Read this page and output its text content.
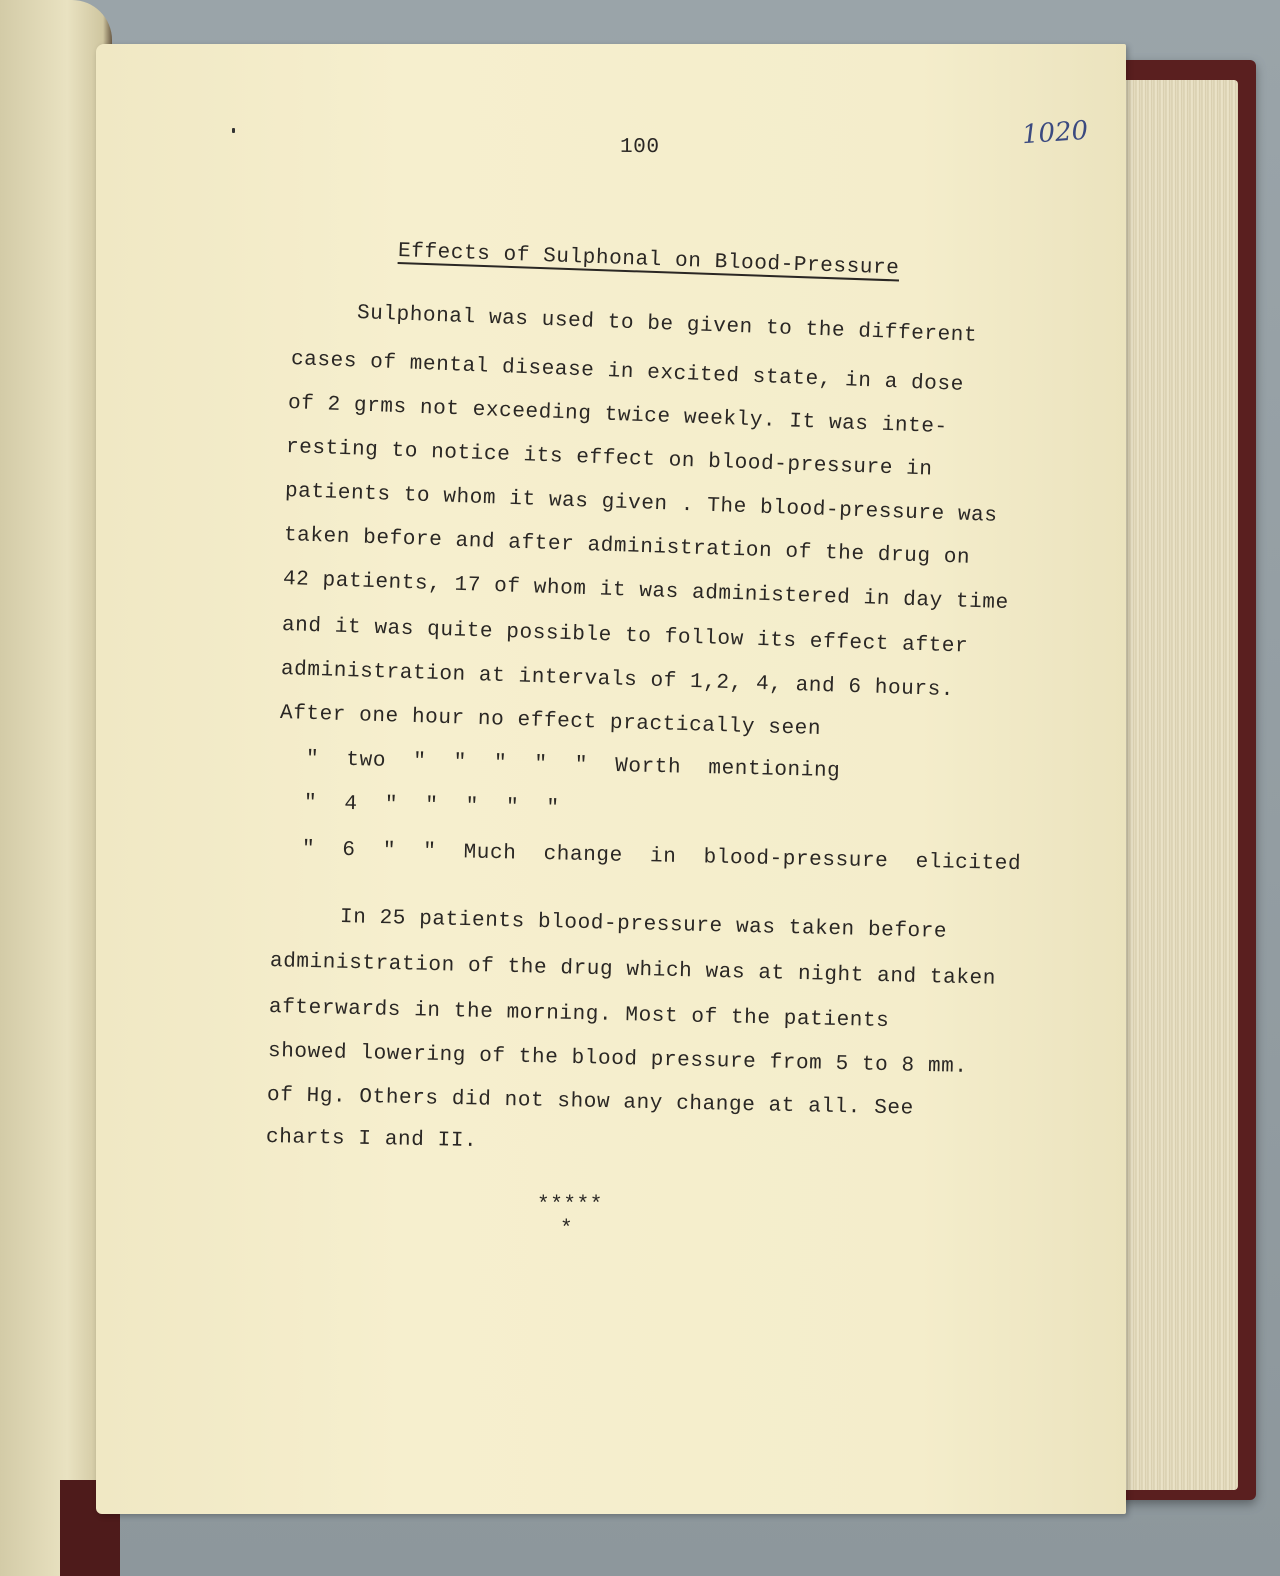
100	1020
Effects of Sulphonal on Blood-Pressure
Sulphonal was used to be given to the different
cases of mental disease in excited state, in a dose
of 2 grms not exceeding twice weekly. It was inte-
resting to notice its effect on blood-pressure in
patients to whom it was given . The blood-pressure was
taken before and after administration of the drug on
42 patients, 17 of whom it was administered in day time
and it was quite possible to follow its effect after
administration at intervals of 1,2, 4, and 6 hours.
After one hour no effect practically seen
" two " " " " " Worth mentioning
" 4 " " " " "
" 6 " " Much change in blood-pressure elicited
In 25 patients blood-pressure was taken before
administration of the drug which was at night and taken
afterwards in the morning. Most of the patients
showed lowering of the blood pressure from 5 to 8 mm.
of Hg. Others did not show any change at all. See
charts I and II.
*****
*
